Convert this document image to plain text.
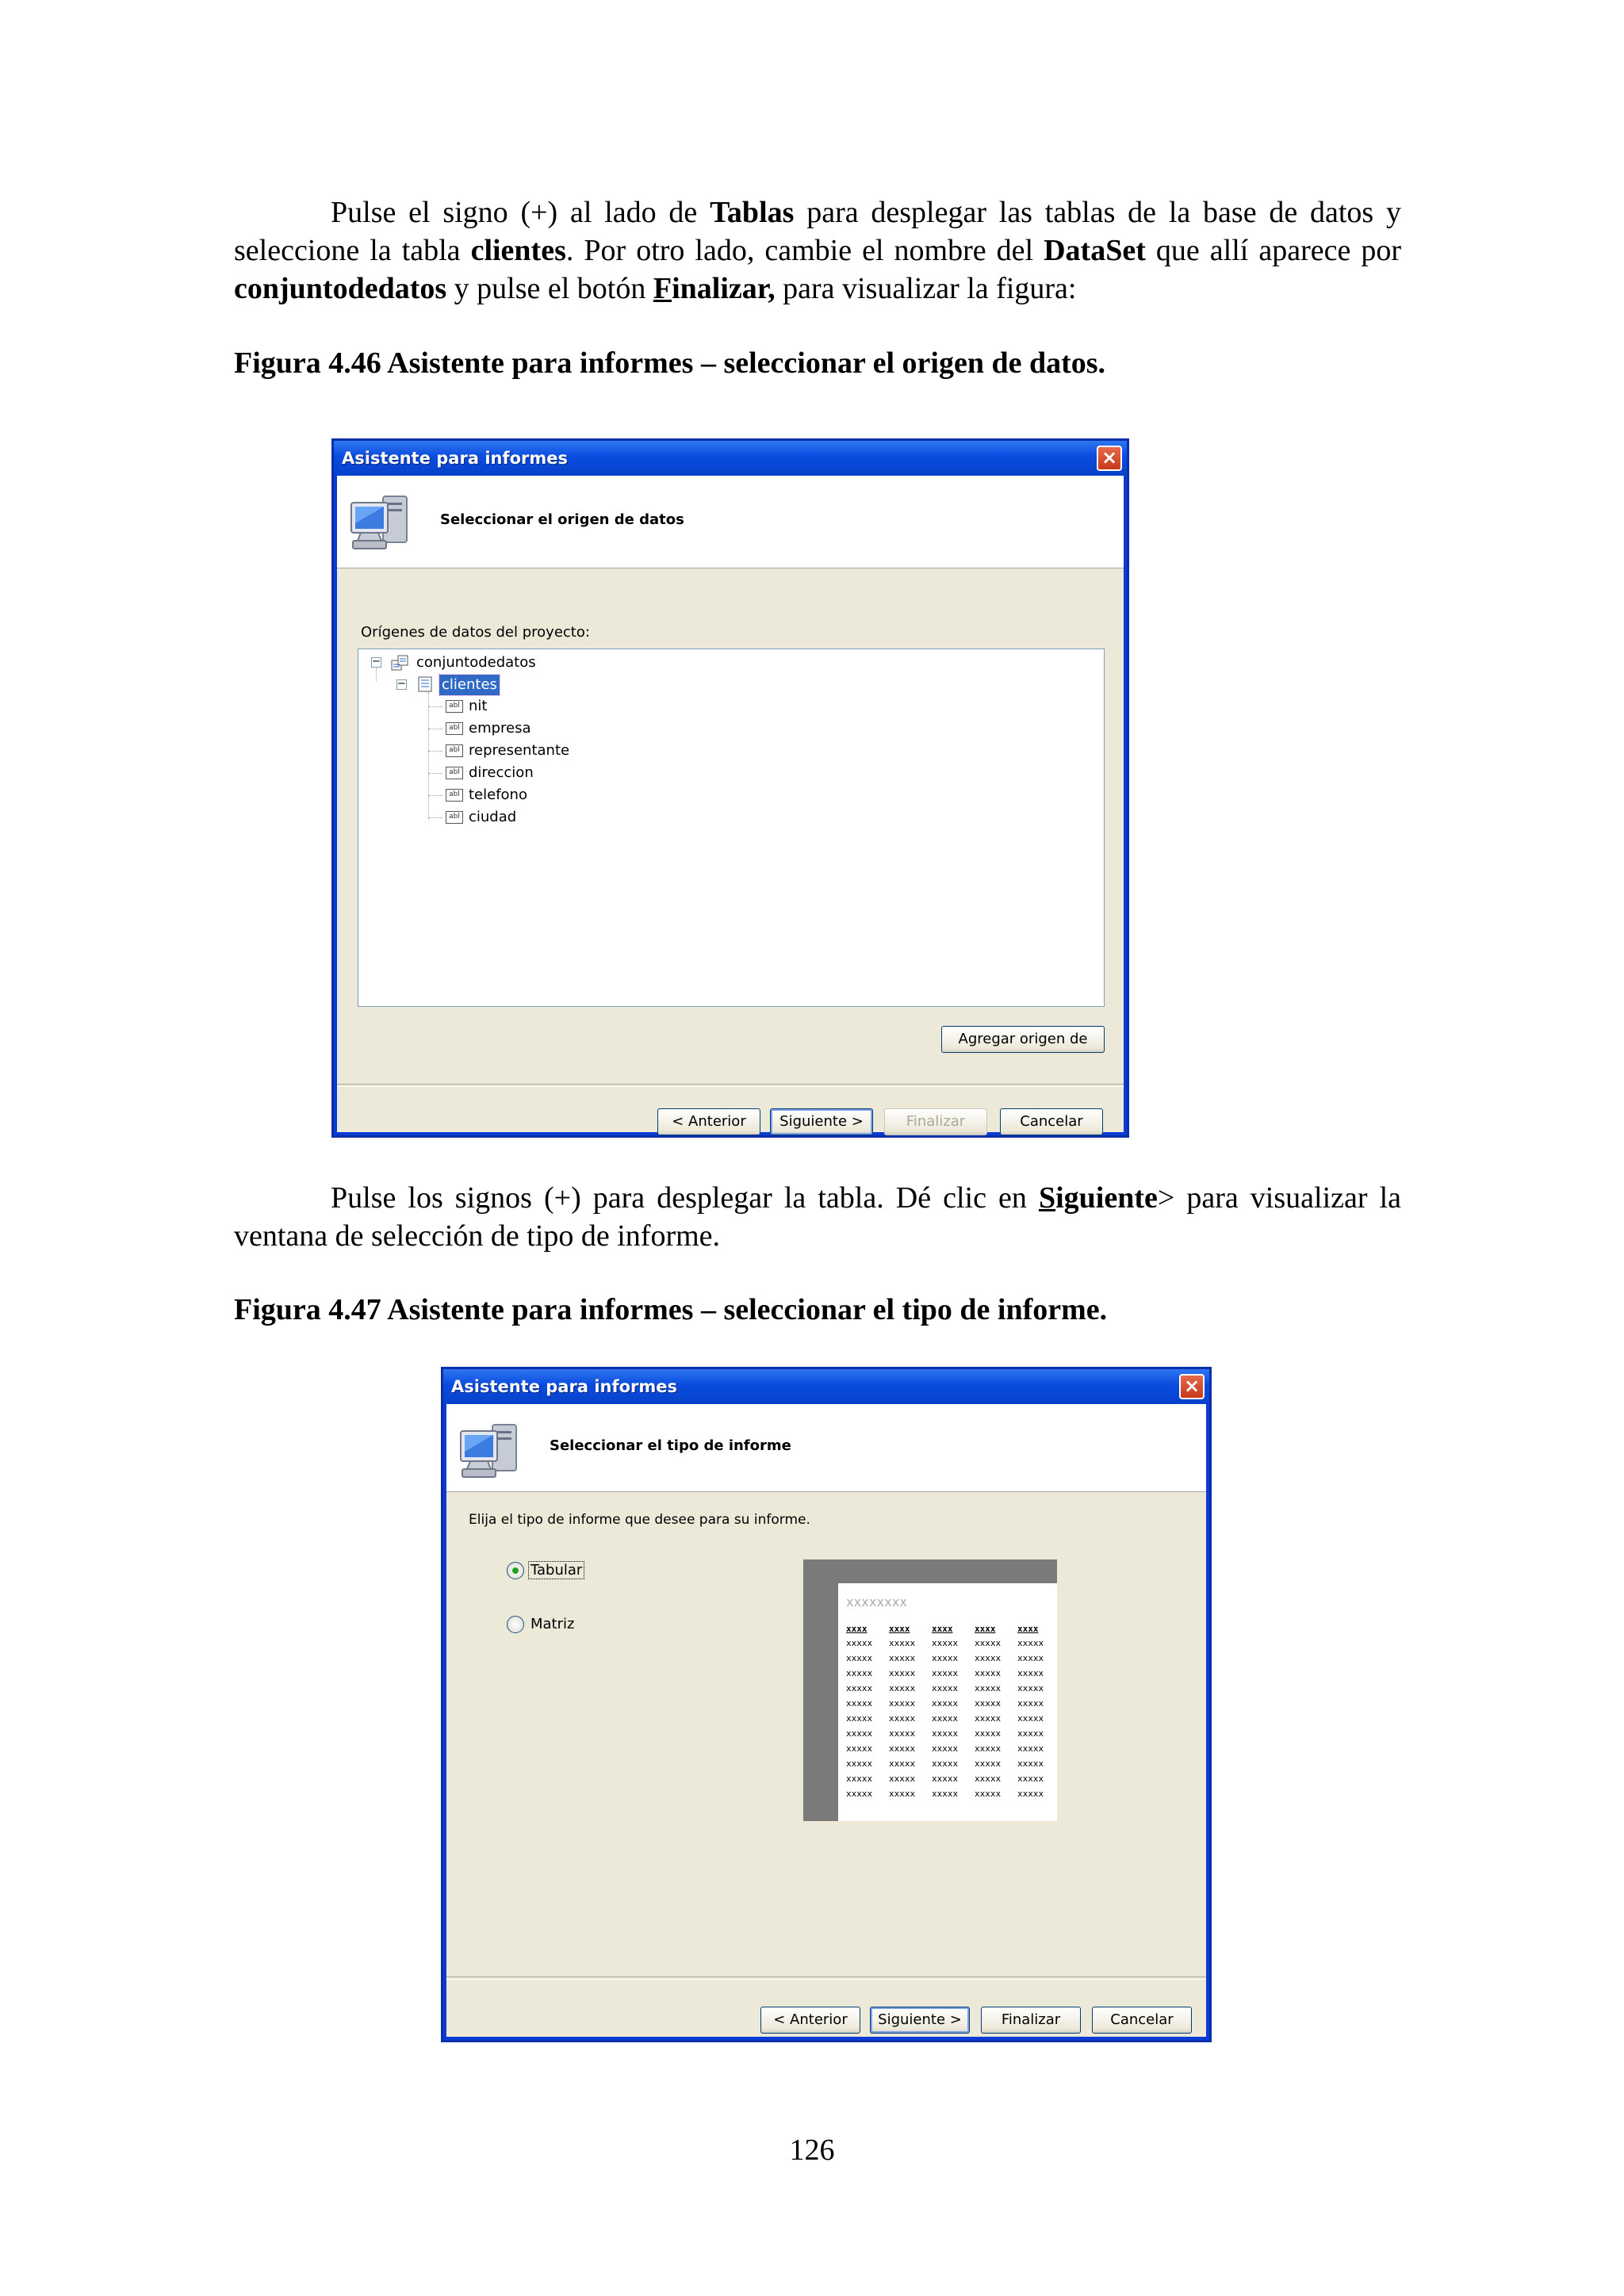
Pulse el signo (+) al lado de Tablas para desplegar las tablas de la base de datos y seleccione la tabla clientes. Por otro lado, cambie el nombre del DataSet que allí aparece por conjuntodedatos y pulse el botón Finalizar, para visualizar la figura:
Figura 4.46 Asistente para informes – seleccionar el origen de datos.
Asistente para informes	×
Seleccionar el origen de datos
Orígenes de datos del proyecto:
−	conjuntodedatos
−	clientes
abl nit
abl empresa
abl representante
abl direccion
abl telefono
abl ciudad
Agregar origen de
< Anterior	Siguiente >	Finalizar	Cancelar
Pulse los signos (+) para desplegar la tabla. Dé clic en Siguiente> para visualizar la ventana de selección de tipo de informe.
Figura 4.47 Asistente para informes – seleccionar el tipo de informe.
Asistente para informes	×
Seleccionar el tipo de informe
Elija el tipo de informe que desee para su informe.
Tabular
Matriz
xxxxxxxx
xxxx	xxxx	xxxx	xxxx	xxxx
xxxxx xxxxx xxxxx xxxxx xxxxx
xxxxx xxxxx xxxxx xxxxx xxxxx
xxxxx xxxxx xxxxx xxxxx xxxxx
xxxxx xxxxx xxxxx xxxxx xxxxx
xxxxx xxxxx xxxxx xxxxx xxxxx
xxxxx xxxxx xxxxx xxxxx xxxxx
xxxxx xxxxx xxxxx xxxxx xxxxx
xxxxx xxxxx xxxxx xxxxx xxxxx
xxxxx xxxxx xxxxx xxxxx xxxxx
xxxxx xxxxx xxxxx xxxxx xxxxx
xxxxx xxxxx xxxxx xxxxx xxxxx
< Anterior	Siguiente >	Finalizar	Cancelar
126
